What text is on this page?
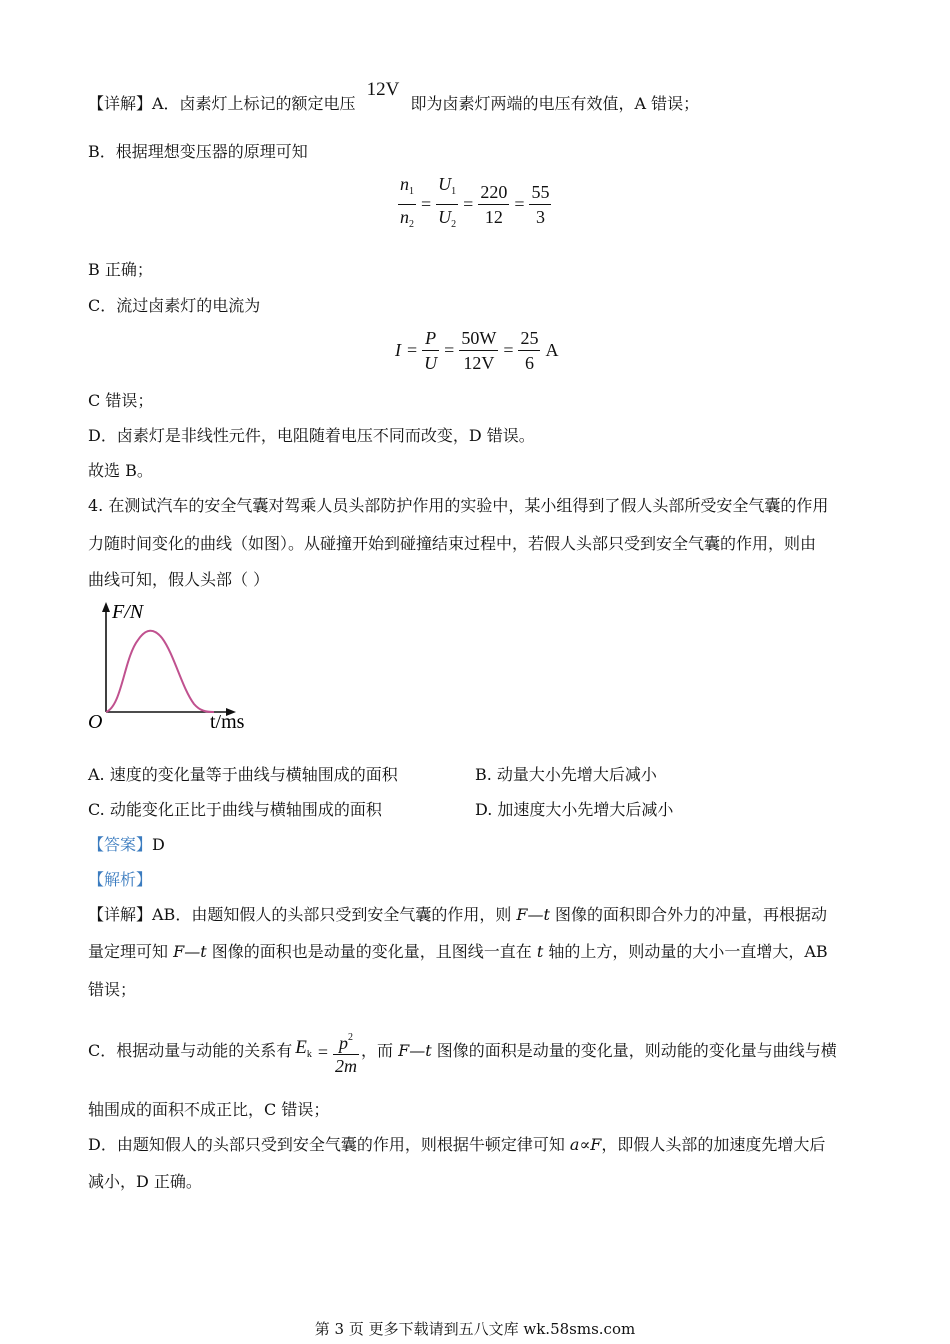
【详解】A．卤素灯上标记的额定电压 12V 即为卤素灯两端的电压有效值，A 错误；
B．根据理想变压器的原理可知
$\frac{n_1}{n_2} = \frac{U_1}{U_2} = \frac{220}{12} = \frac{55}{3}$
B 正确；
C．流过卤素灯的电流为
$I = \frac{P}{U} = \frac{50W}{12V} = \frac{25}{6}$ A
C 错误；
D．卤素灯是非线性元件，电阻随着电压不同而改变，D 错误。
故选 B。
4. 在测试汽车的安全气囊对驾乘人员头部防护作用的实验中，某小组得到了假人头部所受安全气囊的作用
力随时间变化的曲线（如图）。从碰撞开始到碰撞结束过程中，若假人头部只受到安全气囊的作用，则由
曲线可知，假人头部（ ）
F/N
O	t/ms
A. 速度的变化量等于曲线与横轴围成的面积	B. 动量大小先增大后减小
C. 动能变化正比于曲线与横轴围成的面积	D. 加速度大小先增大后减小
【答案】D
【解析】
【详解】AB．由题知假人的头部只受到安全气囊的作用，则 F—t 图像的面积即合外力的冲量，再根据动
量定理可知 F—t 图像的面积也是动量的变化量，且图线一直在 t 轴的上方，则动量的大小一直增大，AB
错误；
C．根据动量与动能的关系有 $E_k = \frac{p^2}{2m}$ ，而 F—t 图像的面积是动量的变化量，则动能的变化量与曲线与横
轴围成的面积不成正比，C 错误；
D．由题知假人的头部只受到安全气囊的作用，则根据牛顿定律可知 a∝F，即假人头部的加速度先增大后
减小，D 正确。
第 3 页 更多下载请到五八文库 wk.58sms.com
